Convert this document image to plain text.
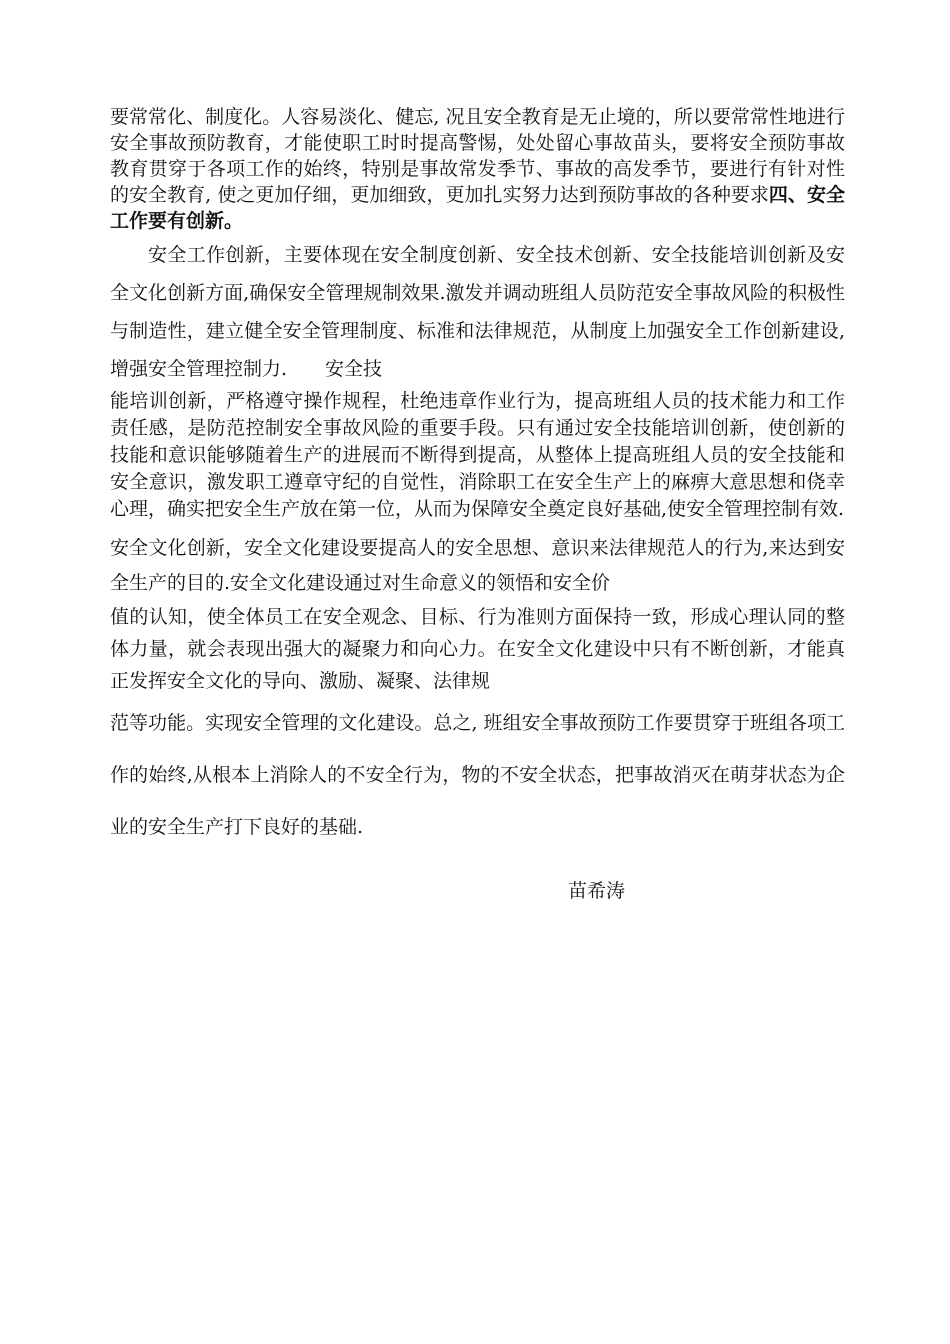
要常常化、制度化。人容易淡化、健忘, 况且安全教育是无止境的，所以要常常性地进行安全事故预防教育，才能使职工时时提高警惕，处处留心事故苗头，要将安全预防事故教育贯穿于各项工作的始终，特别是事故常发季节、事故的高发季节，要进行有针对性的安全教育, 使之更加仔细，更加细致，更加扎实努力达到预防事故的各种要求四、安全工作要有创新。

安全工作创新，主要体现在安全制度创新、安全技术创新、安全技能培训创新及安全文化创新方面,确保安全管理规制效果.激发并调动班组人员防范安全事故风险的积极性与制造性，建立健全安全管理制度、标准和法律规范，从制度上加强安全工作创新建设,增强安全管理控制力.　　安全技

能培训创新，严格遵守操作规程，杜绝违章作业行为，提高班组人员的技术能力和工作责任感，是防范控制安全事故风险的重要手段。只有通过安全技能培训创新，使创新的技能和意识能够随着生产的进展而不断得到提高，从整体上提高班组人员的安全技能和安全意识，激发职工遵章守纪的自觉性，消除职工在安全生产上的麻痹大意思想和侥幸心理，确实把安全生产放在第一位，从而为保障安全奠定良好基础,使安全管理控制有效.

安全文化创新，安全文化建设要提高人的安全思想、意识来法律规范人的行为,来达到安全生产的目的.安全文化建设通过对生命意义的领悟和安全价

值的认知，使全体员工在安全观念、目标、行为准则方面保持一致，形成心理认同的整体力量，就会表现出强大的凝聚力和向心力。在安全文化建设中只有不断创新，才能真正发挥安全文化的导向、激励、凝聚、法律规

范等功能。实现安全管理的文化建设。总之, 班组安全事故预防工作要贯穿于班组各项工作的始终,从根本上消除人的不安全行为，物的不安全状态，把事故消灭在萌芽状态为企业的安全生产打下良好的基础.

苗希涛
